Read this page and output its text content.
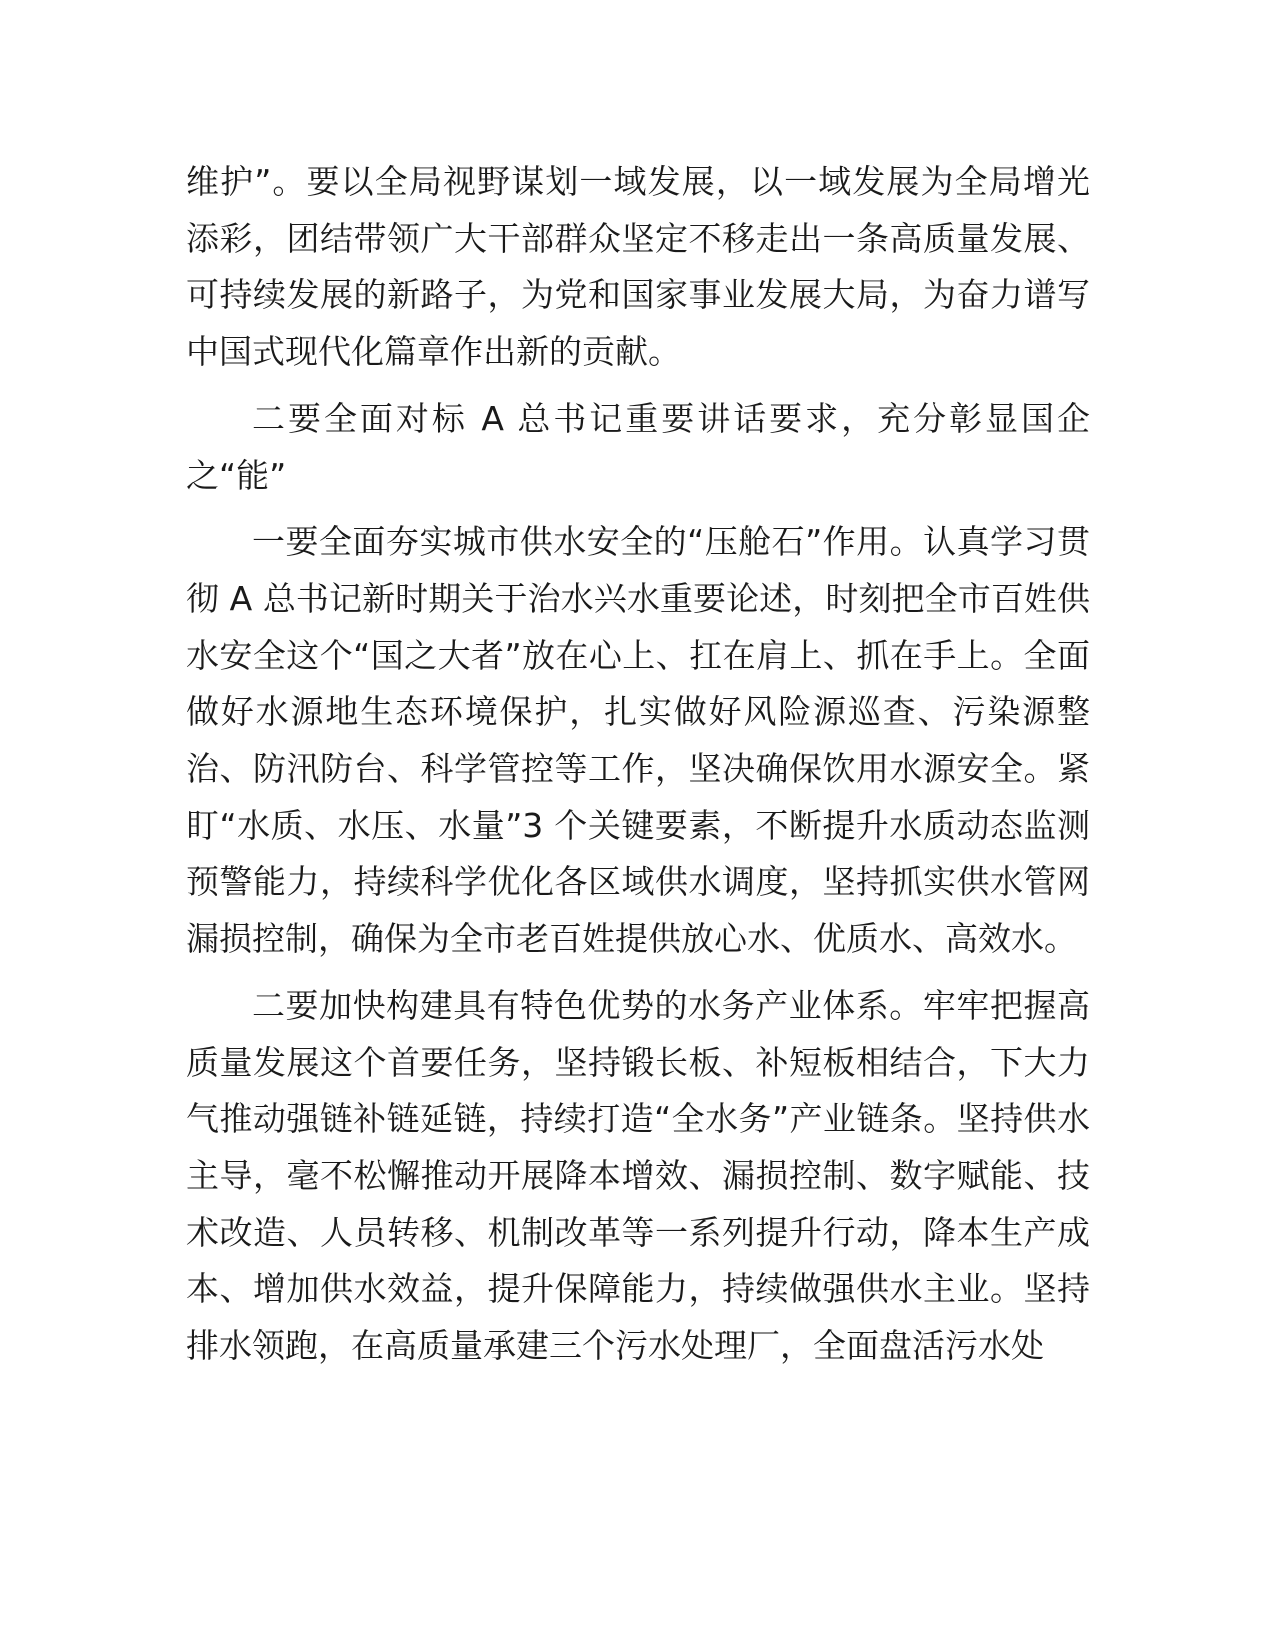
维护”。要以全局视野谋划一域发展，以一域发展为全局增光添彩，团结带领广大干部群众坚定不移走出一条高质量发展、可持续发展的新路子，为党和国家事业发展大局，为奋力谱写中国式现代化篇章作出新的贡献。

二要全面对标 A 总书记重要讲话要求，充分彰显国企之“能”

一要全面夯实城市供水安全的“压舱石”作用。认真学习贯彻 A 总书记新时期关于治水兴水重要论述，时刻把全市百姓供水安全这个“国之大者”放在心上、扛在肩上、抓在手上。全面做好水源地生态环境保护，扎实做好风险源巡查、污染源整治、防汛防台、科学管控等工作，坚决确保饮用水源安全。紧盯“水质、水压、水量”3 个关键要素，不断提升水质动态监测预警能力，持续科学优化各区域供水调度，坚持抓实供水管网漏损控制，确保为全市老百姓提供放心水、优质水、高效水。

二要加快构建具有特色优势的水务产业体系。牢牢把握高质量发展这个首要任务，坚持锻长板、补短板相结合，下大力气推动强链补链延链，持续打造“全水务”产业链条。坚持供水主导，毫不松懈推动开展降本增效、漏损控制、数字赋能、技术改造、人员转移、机制改革等一系列提升行动，降本生产成本、增加供水效益，提升保障能力，持续做强供水主业。坚持排水领跑，在高质量承建三个污水处理厂，全面盘活污水处
